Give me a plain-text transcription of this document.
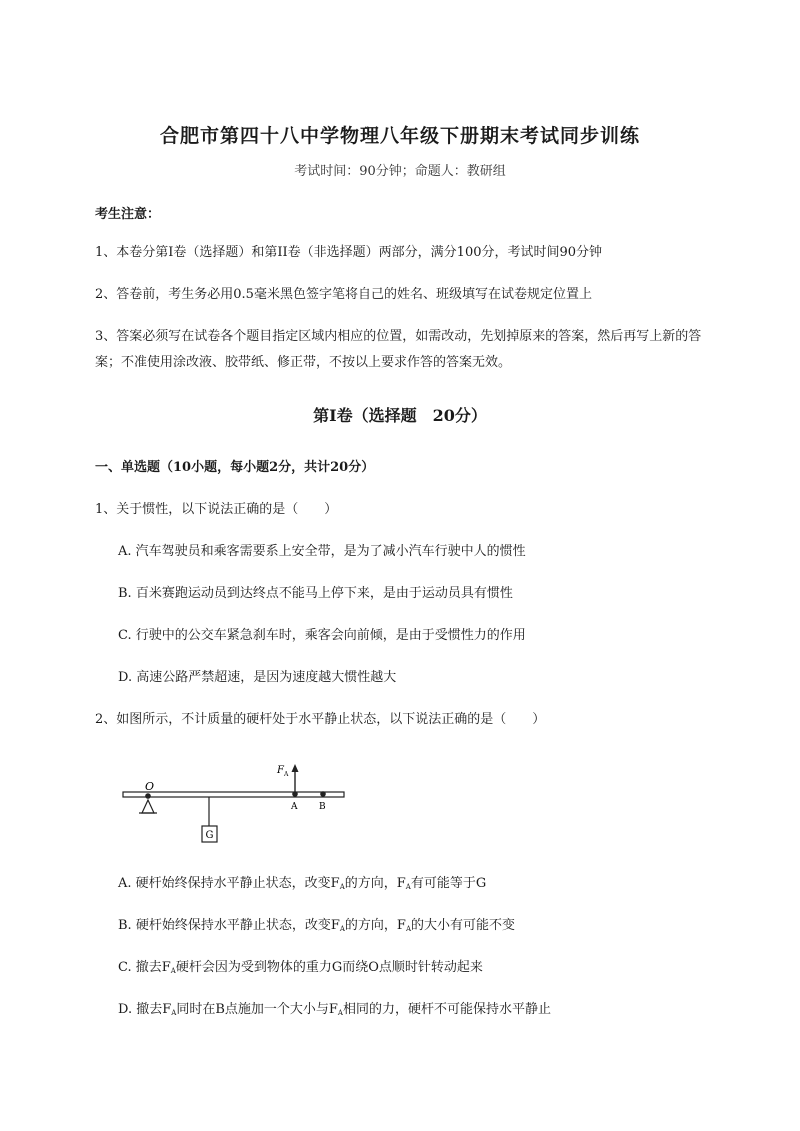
合肥市第四十八中学物理八年级下册期末考试同步训练
考试时间：90分钟；命题人：教研组
考生注意：
1、本卷分第I卷（选择题）和第II卷（非选择题）两部分，满分100分，考试时间90分钟
2、答卷前，考生务必用0.5毫米黑色签字笔将自己的姓名、班级填写在试卷规定位置上
3、答案必须写在试卷各个题目指定区域内相应的位置，如需改动，先划掉原来的答案，然后再写上新的答案；不准使用涂改液、胶带纸、修正带，不按以上要求作答的答案无效。
第I卷（选择题　20分）
一、单选题（10小题，每小题2分，共计20分）
1、关于惯性，以下说法正确的是（　　）
A. 汽车驾驶员和乘客需要系上安全带，是为了减小汽车行驶中人的惯性
B. 百米赛跑运动员到达终点不能马上停下来，是由于运动员具有惯性
C. 行驶中的公交车紧急刹车时，乘客会向前倾，是由于受惯性力的作用
D. 高速公路严禁超速，是因为速度越大惯性越大
2、如图所示，不计质量的硬杆处于水平静止状态，以下说法正确的是（　　）
O
G
F A
A B
A. 硬杆始终保持水平静止状态，改变$F_A$的方向，$F_A$有可能等于G
B. 硬杆始终保持水平静止状态，改变$F_A$的方向，$F_A$的大小有可能不变
C. 撤去$F_A$硬杆会因为受到物体的重力G而绕O点顺时针转动起来
D. 撤去$F_A$同时在B点施加一个大小与$F_A$相同的力，硬杆不可能保持水平静止
